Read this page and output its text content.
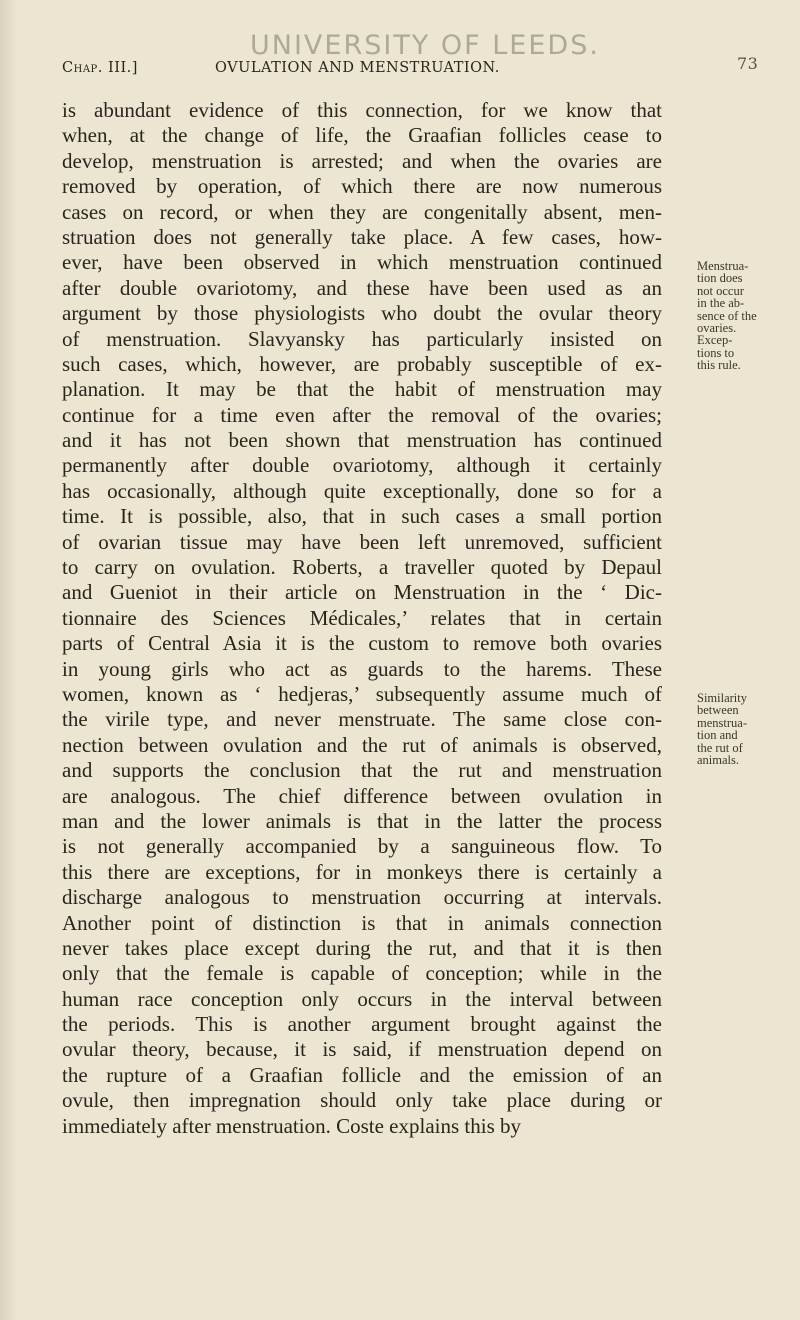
UNIVERSITY OF LEEDS.
Chap. III.]	OVULATION AND MENSTRUATION.	73
is abundant evidence of this connection, for we know that
when, at the change of life, the Graafian follicles cease to
develop, menstruation is arrested; and when the ovaries are
removed by operation, of which there are now numerous
cases on record, or when they are congenitally absent, men-
struation does not generally take place. A few cases, how-
ever, have been observed in which menstruation continued
after double ovariotomy, and these have been used as an
argument by those physiologists who doubt the ovular theory
of menstruation. Slavyansky has particularly insisted on
such cases, which, however, are probably susceptible of ex-
planation. It may be that the habit of menstruation may
continue for a time even after the removal of the ovaries;
and it has not been shown that menstruation has continued
permanently after double ovariotomy, although it certainly
has occasionally, although quite exceptionally, done so for a
time. It is possible, also, that in such cases a small portion
of ovarian tissue may have been left unremoved, sufficient
to carry on ovulation. Roberts, a traveller quoted by Depaul
and Gueniot in their article on Menstruation in the ‘ Dic-
tionnaire des Sciences Médicales,’ relates that in certain
parts of Central Asia it is the custom to remove both ovaries
in young girls who act as guards to the harems. These
women, known as ‘ hedjeras,’ subsequently assume much of
the virile type, and never menstruate. The same close con-
nection between ovulation and the rut of animals is observed,
and supports the conclusion that the rut and menstruation
are analogous. The chief difference between ovulation in
man and the lower animals is that in the latter the process
is not generally accompanied by a sanguineous flow. To
this there are exceptions, for in monkeys there is certainly a
discharge analogous to menstruation occurring at intervals.
Another point of distinction is that in animals connection
never takes place except during the rut, and that it is then
only that the female is capable of conception; while in the
human race conception only occurs in the interval between
the periods. This is another argument brought against the
ovular theory, because, it is said, if menstruation depend on
the rupture of a Graafian follicle and the emission of an
ovule, then impregnation should only take place during or
immediately after menstruation. Coste explains this by
Menstrua-
tion does
not occur
in the ab-
sence of the
ovaries.
Excep-
tions to
this rule.
Similarity
between
menstrua-
tion and
the rut of
animals.
